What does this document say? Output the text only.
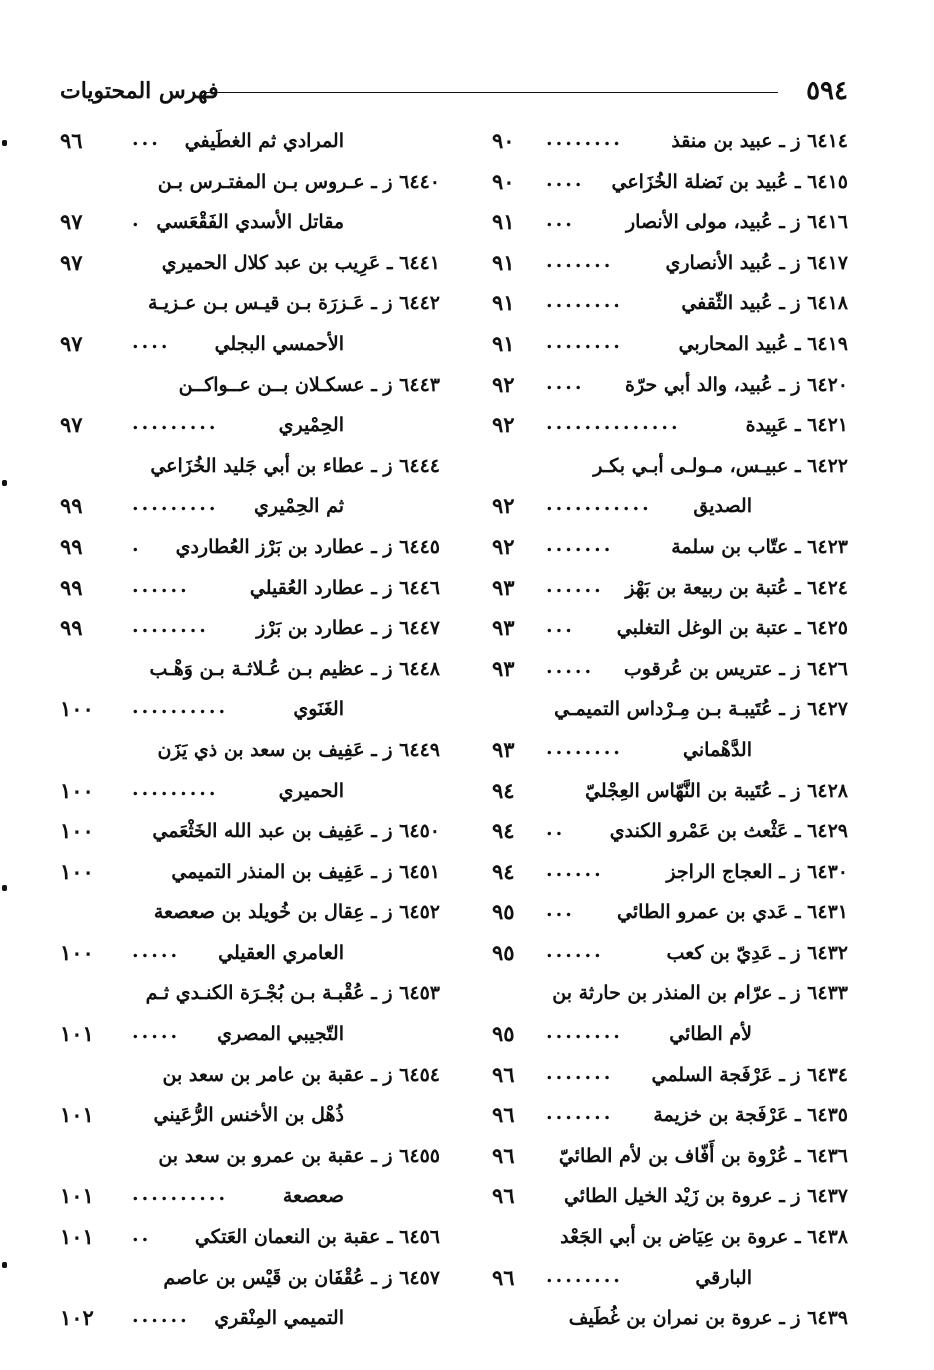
٥٩٤
فهرس المحتويات
٦٤١٤ ز ـ عبيد بن منقذ
........
٩٠
٦٤١٥ ـ عُبيد بن نَضلة الخُزَاعي
....
٩٠
٦٤١٦ ز ـ عُبيد، مولى الأنصار
...
٩١
٦٤١٧ ز ـ عُبيد الأنصاري
.......
٩١
٦٤١٨ ز ـ عُبيد الثّقفي
........
٩١
٦٤١٩ ـ عُبيد المحاربي
........
٩١
٦٤٢٠ ز ـ عُبيد، والد أبي حرّة
....
٩٢
٦٤٢١ ـ عَبِيدة
..............
٩٢
٦٤٢٢ ـ عبيـس، مـولـى أبـي بكـر
الصديق
...........
٩٢
٦٤٢٣ ـ عتّاب بن سلمة
.......
٩٢
٦٤٢٤ ـ عُتبة بن ربيعة بن بَهْز
......
٩٣
٦٤٢٥ ـ عتبة بن الوغل التغلبي
...
٩٣
٦٤٢٦ ز ـ عتريس بن عُرقوب
.....
٩٣
٦٤٢٧ ز ـ عُتَيبـة بـن مِـرْداس التميمـي
الدَّهْماني
........
٩٣
٦٤٢٨ ز ـ عُتَيبة بن النَّهّاس العِجْليّ
٩٤
٦٤٢٩ ـ عَثْعث بن عَمْرو الكندي
..
٩٤
٦٤٣٠ ز ـ العجاج الراجز
......
٩٤
٦٤٣١ ـ عَدي بن عمرو الطائي
...
٩٥
٦٤٣٢ ز ـ عَدِيّ بن كعب
......
٩٥
٦٤٣٣ ز ـ عرّام بن المنذر بن حارثة بن
لأم الطائي
........
٩٥
٦٤٣٤ ز ـ عَرْفَجة السلمي
.......
٩٦
٦٤٣٥ ـ عَرْفَجة بن خزيمة
.......
٩٦
٦٤٣٦ ـ عُرْوة بن أَفّاف بن لأم الطائيّ
٩٦
٦٤٣٧ ز ـ عروة بن زَيْد الخيل الطائي
٩٦
٦٤٣٨ ـ عروة بن عِيَاض بن أبي الجَعْد
البارقي
........
٩٦
٦٤٣٩ ز ـ عروة بن نمران بن غُطَيف
المرادي ثم الغطَيفي
...
٩٦
٦٤٤٠ ز ـ عـروس بـن المفتـرس بـن
مقاتل الأسدي الفَقْعَسي
.
٩٧
٦٤٤١ ـ عَرِيب بن عبد كلال الحميري
٩٧
٦٤٤٢ ز ـ عَـزرَة بـن قيـس بـن عـزيـة
الأحمسي البجلي
....
٩٧
٦٤٤٣ ز ـ عسكـلان بــن عــواكــن
الحِمْيري
.........
٩٧
٦٤٤٤ ز ـ عطاء بن أبي جَليد الخُزَاعي
ثم الحِمْيري
.........
٩٩
٦٤٤٥ ز ـ عطارد بن بَرْز العُطاردي
.
٩٩
٦٤٤٦ ز ـ عطارد العُقيلي
......
٩٩
٦٤٤٧ ز ـ عطارد بن بَرْز
........
٩٩
٦٤٤٨ ز ـ عظيم بـن عُـلاثـة بـن وَهْـب
الغَنَوي
..........
١٠٠
٦٤٤٩ ز ـ عَفِيف بن سعد بن ذي يَزَن
الحميري
.........
١٠٠
٦٤٥٠ ز ـ عَفِيف بن عبد الله الخَثْعَمي
١٠٠
٦٤٥١ ز ـ عَفِيف بن المنذر التميمي
١٠٠
٦٤٥٢ ز ـ عِقال بن خُويلد بن صعصعة
العامري العقيلي
.....
١٠٠
٦٤٥٣ ز ـ عُقْبـة بـن بُجْـرَة الكنـدي ثـم
التّجيبي المصري
.....
١٠١
٦٤٥٤ ز ـ عقبة بن عامر بن سعد بن
ذُهْل بن الأخنس الرُّعَيني
١٠١
٦٤٥٥ ز ـ عقبة بن عمرو بن سعد بن
صعصعة
..........
١٠١
٦٤٥٦ ـ عقبة بن النعمان العَتكي
..
١٠١
٦٤٥٧ ز ـ عُقْفَان بن قَيْس بن عاصم
التميمي المِنْقري
......
١٠٢
